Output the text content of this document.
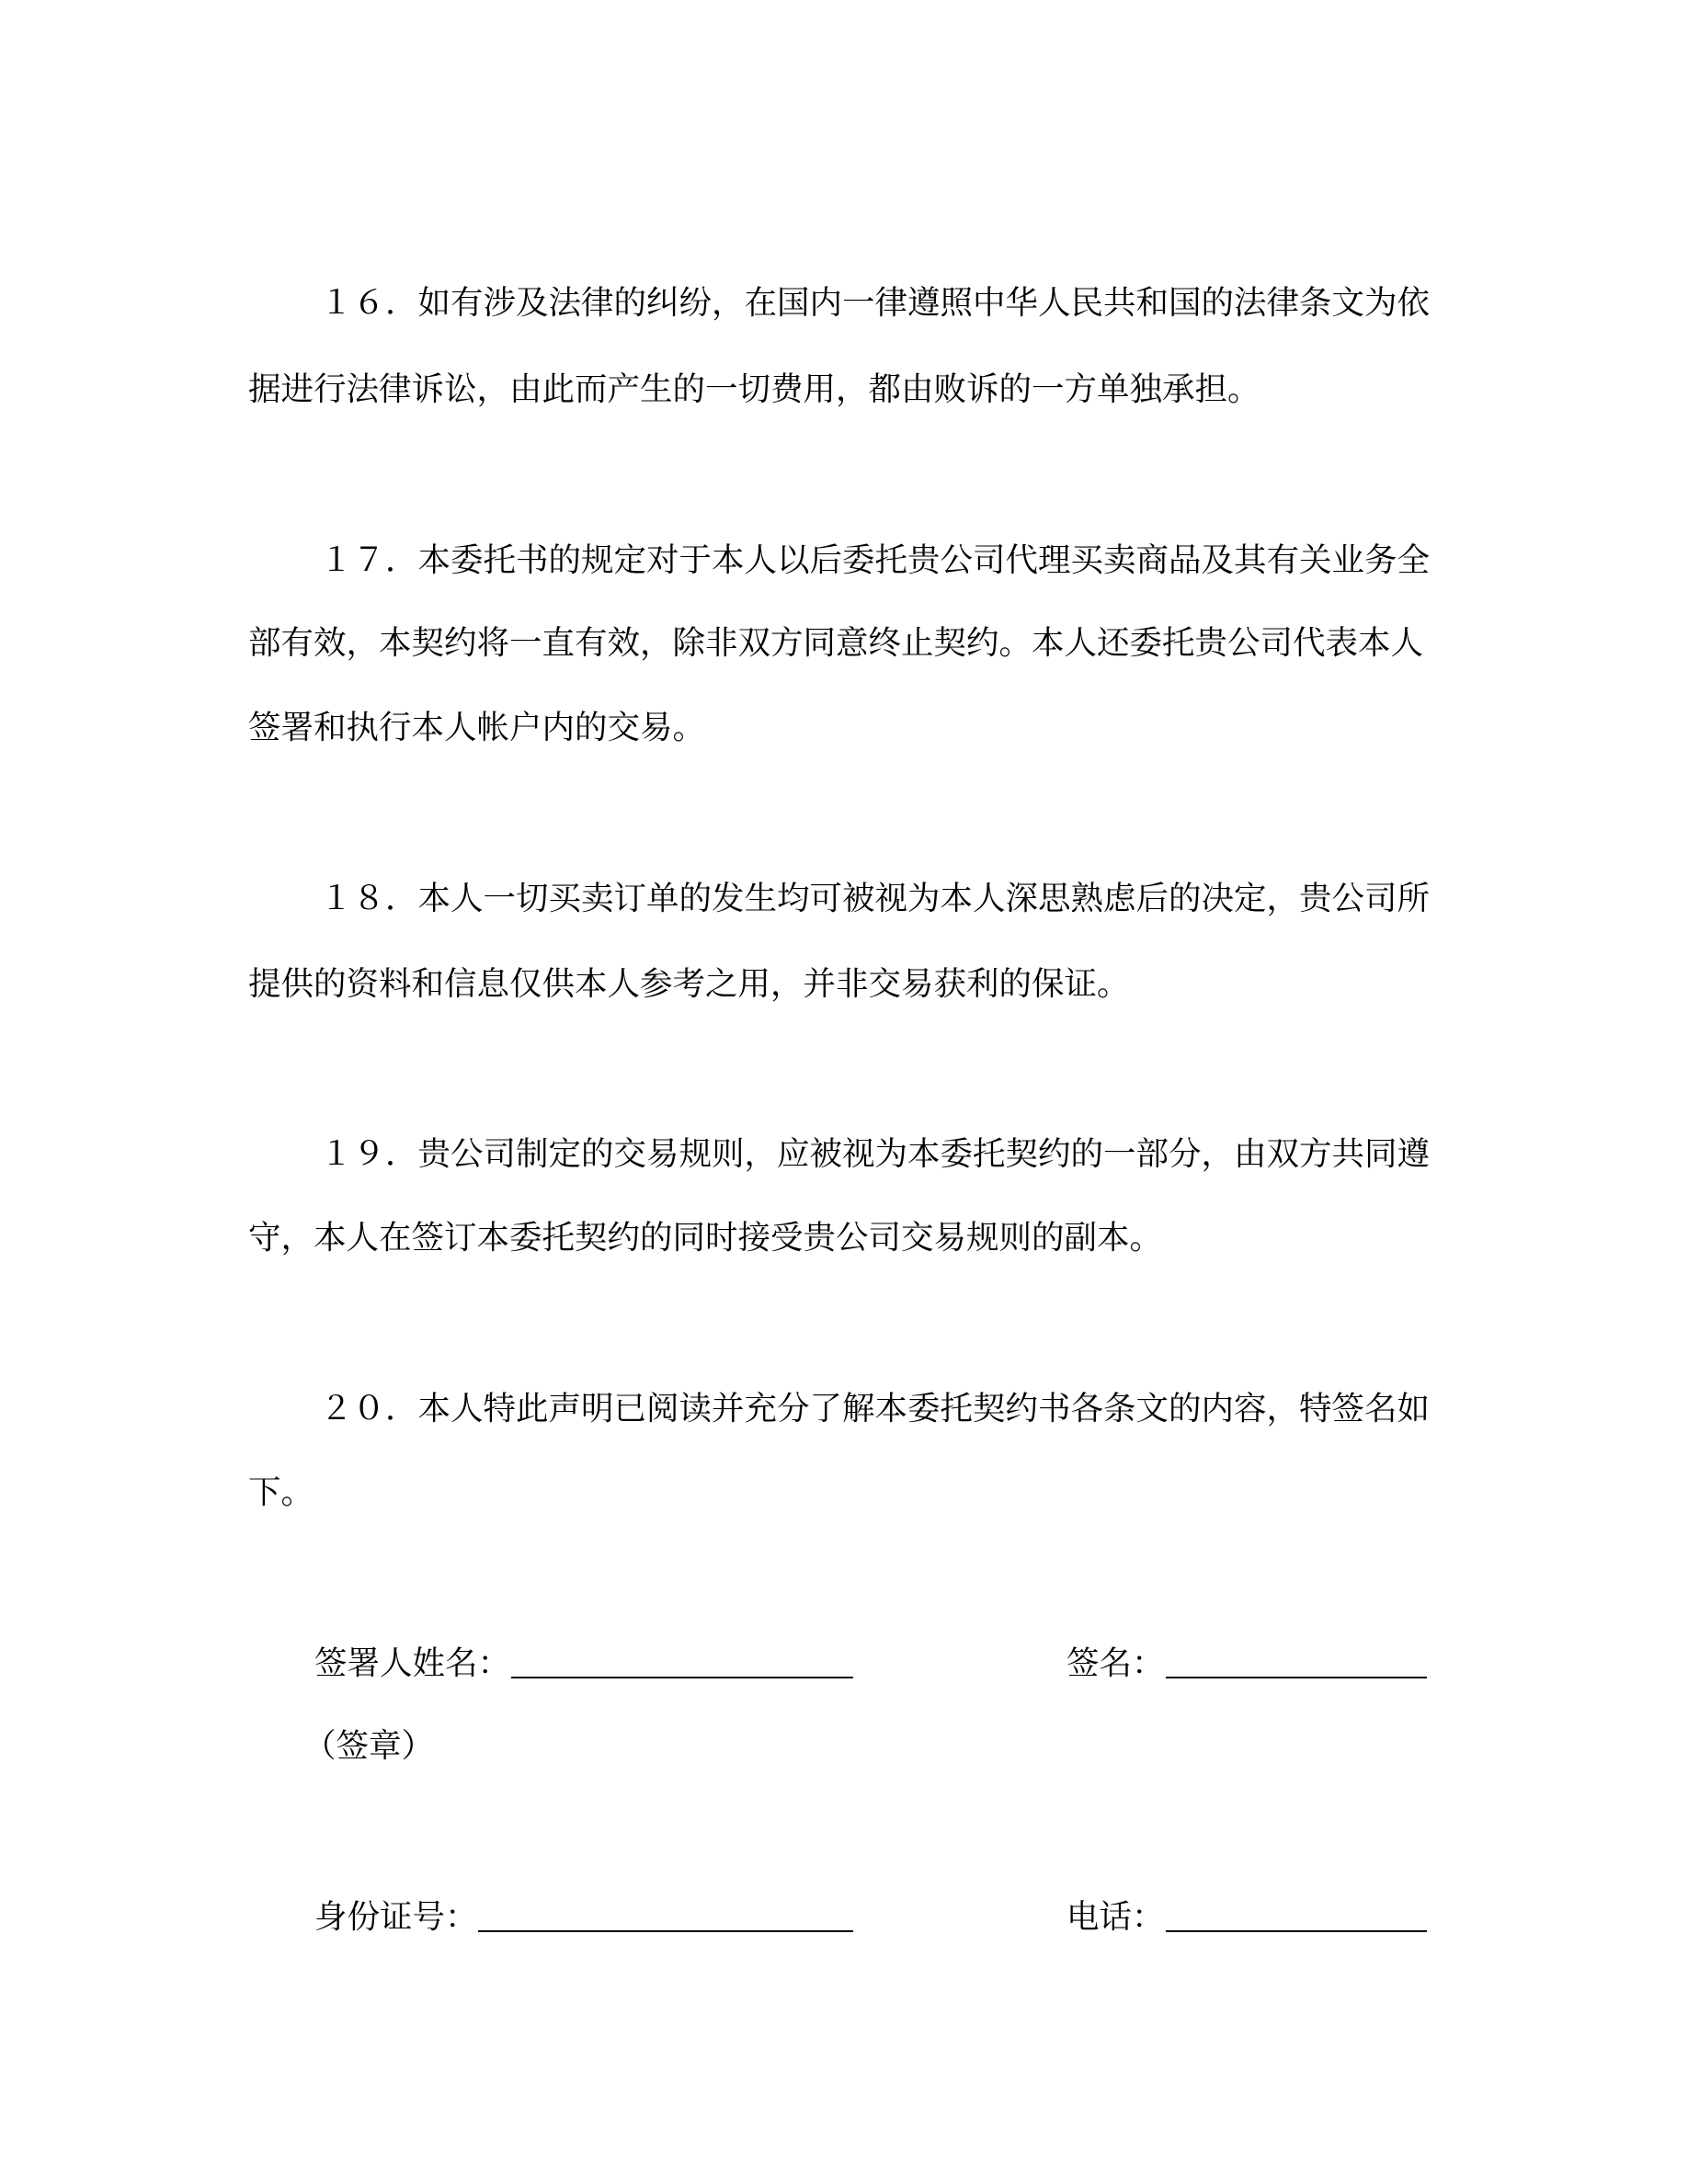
１６．如有涉及法律的纠纷，在国内一律遵照中华人民共和国的法律条文为依
据进行法律诉讼，由此而产生的一切费用，都由败诉的一方单独承担。
１７．本委托书的规定对于本人以后委托贵公司代理买卖商品及其有关业务全
部有效，本契约将一直有效，除非双方同意终止契约。本人还委托贵公司代表本人
签署和执行本人帐户内的交易。
１８．本人一切买卖订单的发生均可被视为本人深思熟虑后的决定，贵公司所
提供的资料和信息仅供本人参考之用，并非交易获利的保证。
１９．贵公司制定的交易规则，应被视为本委托契约的一部分，由双方共同遵
守，本人在签订本委托契约的同时接受贵公司交易规则的副本。
２０．本人特此声明已阅读并充分了解本委托契约书各条文的内容，特签名如
下。
签署人姓名：	签名：
（签章）
身份证号：	电话：
